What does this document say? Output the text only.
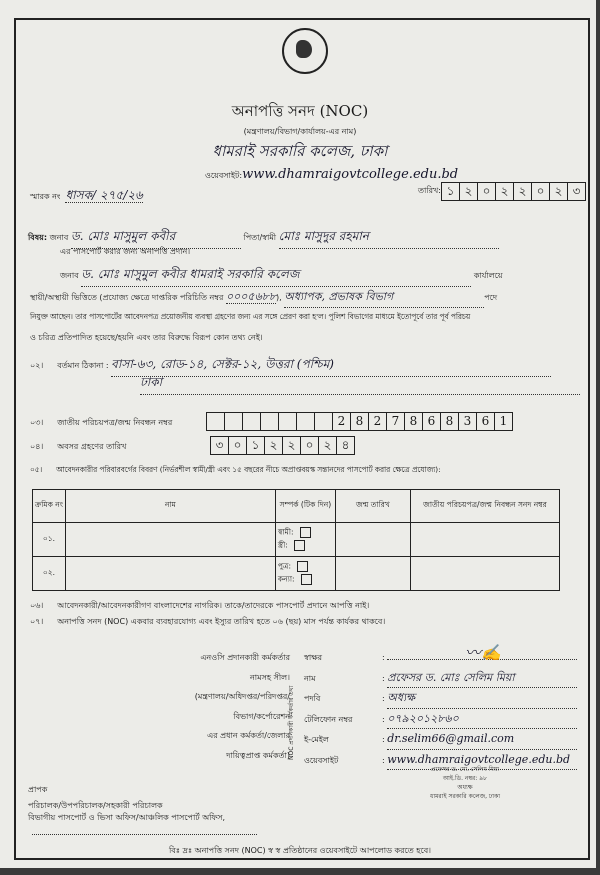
অনাপত্তি সনদ (NOC)
(মন্ত্রণালয়/বিভাগ/কার্যালয়-এর নাম)
ধামরাই সরকারি কলেজ, ঢাকা
ওয়েবসাইট:www.dhamraigovtcollege.edu.bd
স্মারক নং ধাসক/ ২৭৫/২৬	তারিখ: ১ ২ ০ ২ ২ ০ ২ ৩
বিষয়: জনাব ড. মোঃ মাসুমুল কবীর	পিতা/স্বামী মোঃ মাসুদুর রহমান
এর পাসপোর্ট করার জন্য অনাপত্তি প্রদান।
জনাব ড. মোঃ মাসুমুল কবীর ধামরাই সরকারি কলেজ	কার্যালয়ে
স্থায়ী/অস্থায়ী ভিত্তিতে (প্রযোজ্য ক্ষেত্রে দাপ্তরিক পরিচিতি নম্বর ০০০৫৬৮৮), অধ্যাপক, প্রভাষক বিভাগ	পদে
নিযুক্ত আছেন। তার পাসপোর্টের আবেদনপত্র প্রয়োজনীয় ব্যবস্থা গ্রহণের জন্য এর সঙ্গে প্রেরণ করা হ'ল। পুলিশ বিভাগের মাধ্যমে ইতোপূর্বে তার পূর্ব পরিচয়
ও চরিত্র প্রতিপাদিত হয়েছে/হয়নি এবং তার বিরুদ্ধে বিরূপ কোন তথ্য নেই।
০২। বর্তমান ঠিকানা : বাসা-৬৩, রোড-১৪, সেক্টর-১২, উত্তরা (পশ্চিম)
ঢাকা
০৩। জাতীয় পরিচয়পত্র/জন্ম নিবন্ধন নম্বর	2 8 2 7 8 6 8 3 6 1
০৪। অবসর গ্রহণের তারিখ	৩ ০ ১ ২ ২ ০ ২ ৪
০৫। আবেদনকারীর পরিবারবর্গের বিবরণ (নির্ভরশীল স্বামী/স্ত্রী এবং ১৫ বছরের নীচে অপ্রাপ্তবয়স্ক সন্তানদের পাসপোর্ট করার ক্ষেত্রে প্রযোজ্য):
ক্রমিক নং	নাম	সম্পর্ক (টিক দিন)	জন্ম তারিখ	জাতীয় পরিচয়পত্র/জন্ম নিবন্ধন সনদ নম্বর
০১.		স্বামী:
স্ত্রী:		
০২.		পুত্র:
কন্যা:		
০৬। আবেদনকারী/আবেদনকারীগণ বাংলাদেশের নাগরিক। তাকে/তাদেরকে পাসপোর্ট প্রদানে আপত্তি নাই।
০৭। অনাপত্তি সনদ (NOC) একবার ব্যবহারযোগ্য এবং ইস্যুর তারিখ হতে ০৬ (ছয়) মাস পর্যন্ত কার্যকর থাকবে।
এনওসি প্রদানকারী কর্মকর্তার
নামসহ সীল।
(মন্ত্রণালয়/অধিদপ্তর/পরিদপ্তর/
বিভাগ/কর্পোরেশন
এর প্রধান কর্মকর্তা/জেলার
দায়িত্বপ্রাপ্ত কর্মকর্তা)
NOC প্রদানকারী কর্মকর্তার তথ্য
স্বাক্ষর	:
নাম	: প্রফেসর ড. মোঃ সেলিম মিয়া
পদবি	: অধ্যক্ষ
টেলিফোন নম্বর	: ০৭৯২০১২৮৬০
ই-মেইল	: dr.selim66@gmail.com
ওয়েবসাইট	: www.dhamraigovtcollege.edu.bd
〰✍
প্রফেসর ড. মো. সেলিম মিয়া
আই.ডি. নম্বর: ৯৮
অধ্যক্ষ
ধামরাই সরকারি কলেজ, ঢাকা
প্রাপক
পরিচালক/উপপরিচালক/সহকারী পরিচালক
বিভাগীয় পাসপোর্ট ও ভিসা অফিস/আঞ্চলিক পাসপোর্ট অফিস,
বিঃ দ্রঃ অনাপত্তি সনদ (NOC) স্ব স্ব প্রতিষ্ঠানের ওয়েবসাইটে আপলোড করতে হবে।
